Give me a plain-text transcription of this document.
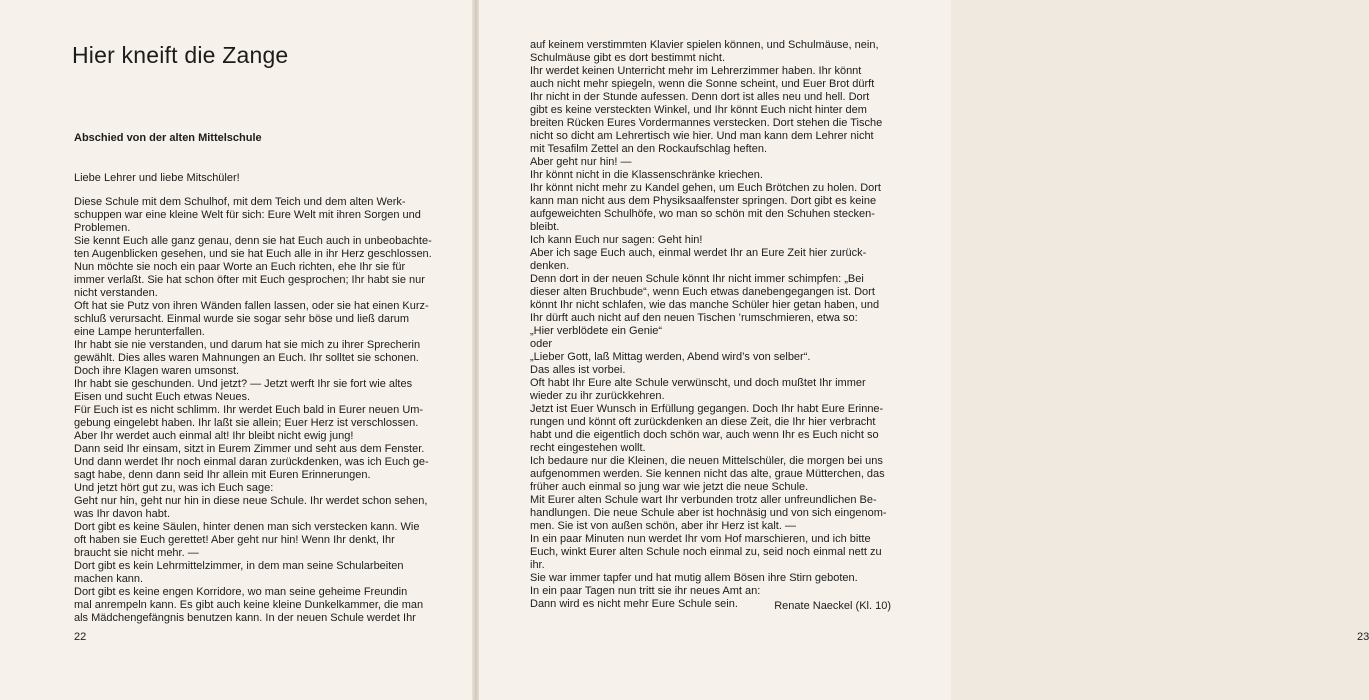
Hier kneift die Zange
Abschied von der alten Mittelschule

Liebe Lehrer und liebe Mitschüler!

Diese Schule mit dem Schulhof, mit dem Teich und dem alten Werk-
schuppen war eine kleine Welt für sich: Eure Welt mit ihren Sorgen und
Problemen.
Sie kennt Euch alle ganz genau, denn sie hat Euch auch in unbeobachte-
ten Augenblicken gesehen, und sie hat Euch alle in ihr Herz geschlossen.
Nun möchte sie noch ein paar Worte an Euch richten, ehe Ihr sie für
immer verlaßt. Sie hat schon öfter mit Euch gesprochen; Ihr habt sie nur
nicht verstanden.
Oft hat sie Putz von ihren Wänden fallen lassen, oder sie hat einen Kurz-
schluß verursacht. Einmal wurde sie sogar sehr böse und ließ darum
eine Lampe herunterfallen.
Ihr habt sie nie verstanden, und darum hat sie mich zu ihrer Sprecherin
gewählt. Dies alles waren Mahnungen an Euch. Ihr solltet sie schonen.
Doch ihre Klagen waren umsonst.
Ihr habt sie geschunden. Und jetzt? — Jetzt werft Ihr sie fort wie altes
Eisen und sucht Euch etwas Neues.
Für Euch ist es nicht schlimm. Ihr werdet Euch bald in Eurer neuen Um-
gebung eingelebt haben. Ihr laßt sie allein; Euer Herz ist verschlossen.
Aber Ihr werdet auch einmal alt! Ihr bleibt nicht ewig jung!
Dann seid Ihr einsam, sitzt in Eurem Zimmer und seht aus dem Fenster.
Und dann werdet Ihr noch einmal daran zurückdenken, was ich Euch ge-
sagt habe, denn dann seid Ihr allein mit Euren Erinnerungen.
Und jetzt hört gut zu, was ich Euch sage:
Geht nur hin, geht nur hin in diese neue Schule. Ihr werdet schon sehen,
was Ihr davon habt.
Dort gibt es keine Säulen, hinter denen man sich verstecken kann. Wie
oft haben sie Euch gerettet! Aber geht nur hin! Wenn Ihr denkt, Ihr
braucht sie nicht mehr. —
Dort gibt es kein Lehrmittelzimmer, in dem man seine Schularbeiten
machen kann.
Dort gibt es keine engen Korridore, wo man seine geheime Freundin
mal anrempeln kann. Es gibt auch keine kleine Dunkelkammer, die man
als Mädchengefängnis benutzen kann. In der neuen Schule werdet Ihr

22	23

auf keinem verstimmten Klavier spielen können, und Schulmäuse, nein,
Schulmäuse gibt es dort bestimmt nicht.
Ihr werdet keinen Unterricht mehr im Lehrerzimmer haben. Ihr könnt
auch nicht mehr spiegeln, wenn die Sonne scheint, und Euer Brot dürft
Ihr nicht in der Stunde aufessen. Denn dort ist alles neu und hell. Dort
gibt es keine versteckten Winkel, und Ihr könnt Euch nicht hinter dem
breiten Rücken Eures Vordermannes verstecken. Dort stehen die Tische
nicht so dicht am Lehrertisch wie hier. Und man kann dem Lehrer nicht
mit Tesafilm Zettel an den Rockaufschlag heften.
Aber geht nur hin! —
Ihr könnt nicht in die Klassenschränke kriechen.
Ihr könnt nicht mehr zu Kandel gehen, um Euch Brötchen zu holen. Dort
kann man nicht aus dem Physiksaalfenster springen. Dort gibt es keine
aufgeweichten Schulhöfe, wo man so schön mit den Schuhen stecken-
bleibt.
Ich kann Euch nur sagen: Geht hin!
Aber ich sage Euch auch, einmal werdet Ihr an Eure Zeit hier zurück-
denken.
Denn dort in der neuen Schule könnt Ihr nicht immer schimpfen: „Bei
dieser alten Bruchbude“, wenn Euch etwas danebengegangen ist. Dort
könnt Ihr nicht schlafen, wie das manche Schüler hier getan haben, und
Ihr dürft auch nicht auf den neuen Tischen ’rumschmieren, etwa so:
„Hier verblödete ein Genie“
oder
„Lieber Gott, laß Mittag werden, Abend wird’s von selber“.
Das alles ist vorbei.
Oft habt Ihr Eure alte Schule verwünscht, und doch mußtet Ihr immer
wieder zu ihr zurückkehren.
Jetzt ist Euer Wunsch in Erfüllung gegangen. Doch Ihr habt Eure Erinne-
rungen und könnt oft zurückdenken an diese Zeit, die Ihr hier verbracht
habt und die eigentlich doch schön war, auch wenn Ihr es Euch nicht so
recht eingestehen wollt.
Ich bedaure nur die Kleinen, die neuen Mittelschüler, die morgen bei uns
aufgenommen werden. Sie kennen nicht das alte, graue Mütterchen, das
früher auch einmal so jung war wie jetzt die neue Schule.
Mit Eurer alten Schule wart Ihr verbunden trotz aller unfreundlichen Be-
handlungen. Die neue Schule aber ist hochnäsig und von sich eingenom-
men. Sie ist von außen schön, aber ihr Herz ist kalt. —
In ein paar Minuten nun werdet Ihr vom Hof marschieren, und ich bitte
Euch, winkt Eurer alten Schule noch einmal zu, seid noch einmal nett zu
ihr.
Sie war immer tapfer und hat mutig allem Bösen ihre Stirn geboten.
In ein paar Tagen nun tritt sie ihr neues Amt an:
Dann wird es nicht mehr Eure Schule sein.	Renate Naeckel (Kl. 10)
